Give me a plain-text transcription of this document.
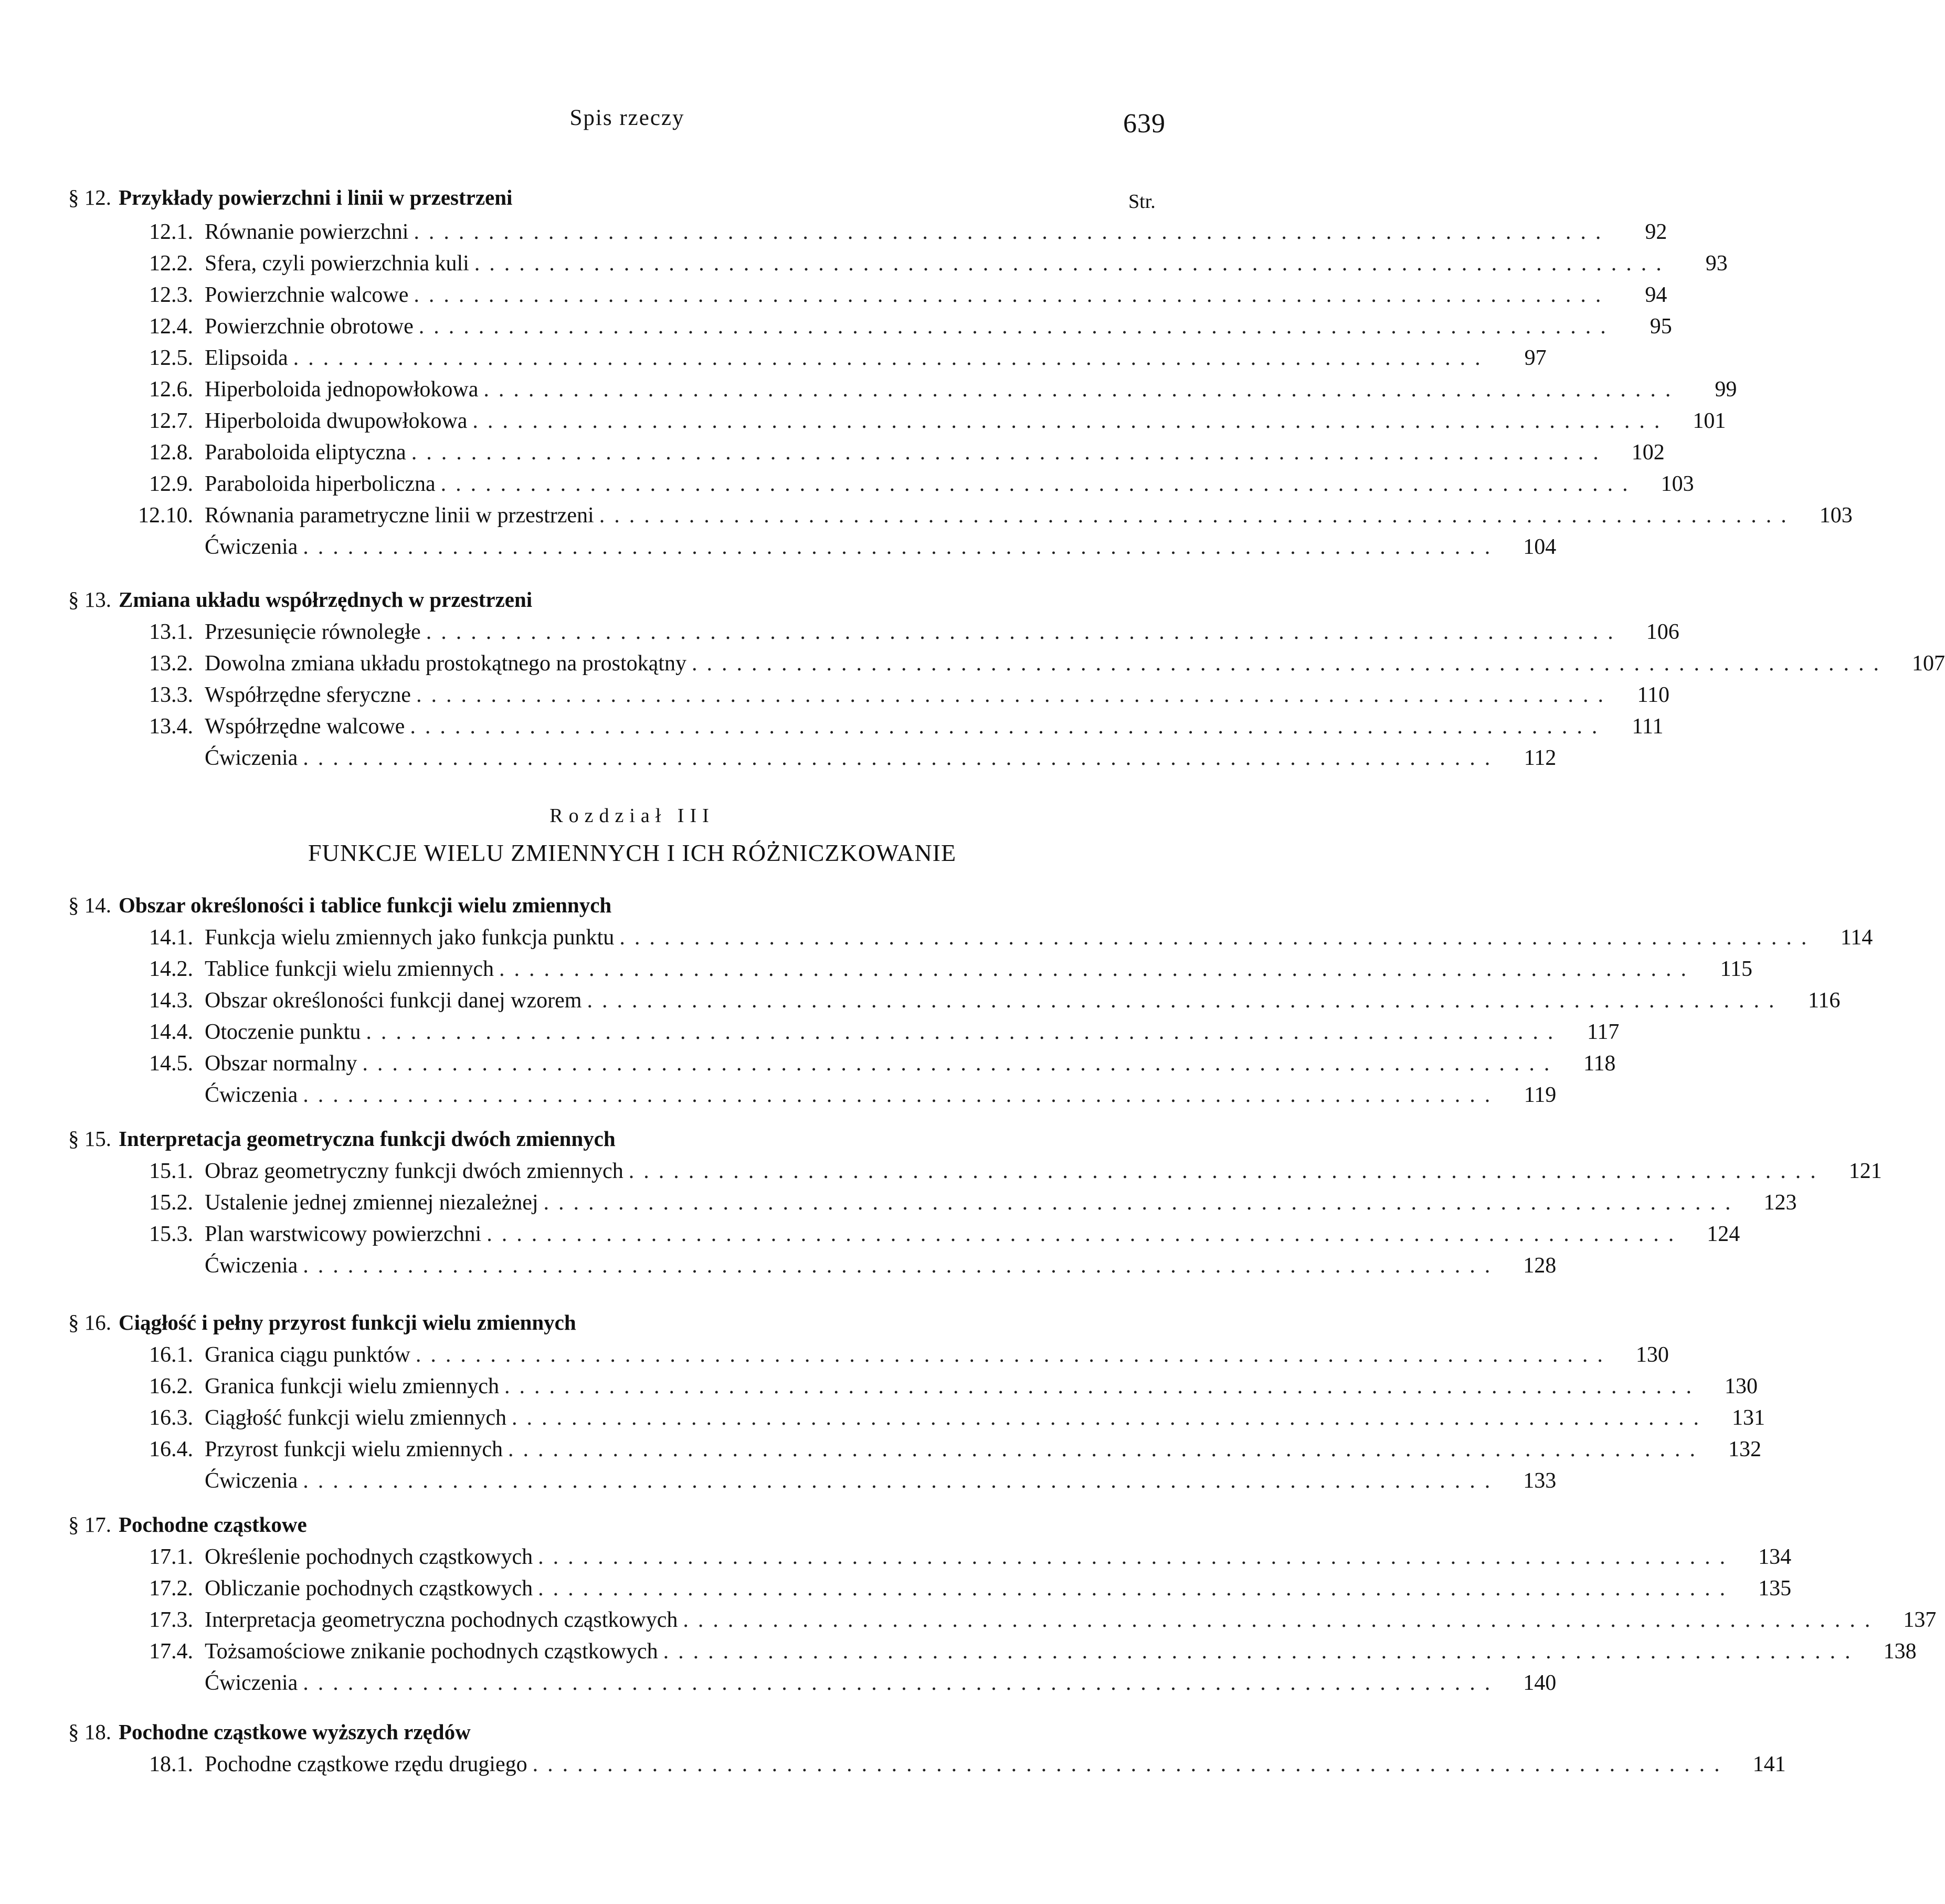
Spis rzeczy	639
Str.
Rozdział III
FUNKCJE WIELU ZMIENNYCH I ICH RÓŻNICZKOWANIE
§ 12. Przykłady powierzchni i linii w przestrzeni
12.1. Równanie powierzchni ................................................................................	92
12.2. Sfera, czyli powierzchnia kuli ................................................................................	93
12.3. Powierzchnie walcowe ................................................................................	94
12.4. Powierzchnie obrotowe ................................................................................	95
12.5. Elipsoida ................................................................................	97
12.6. Hiperboloida jednopowłokowa ................................................................................	99
12.7. Hiperboloida dwupowłokowa ................................................................................	101
12.8. Paraboloida eliptyczna ................................................................................	102
12.9. Paraboloida hiperboliczna ................................................................................	103
12.10. Równania parametryczne linii w przestrzeni ................................................................................	103
Ćwiczenia ................................................................................	104
§ 13. Zmiana układu współrzędnych w przestrzeni
13.1. Przesunięcie równoległe ................................................................................	106
13.2. Dowolna zmiana układu prostokątnego na prostokątny ................................................................................	107
13.3. Współrzędne sferyczne ................................................................................	110
13.4. Współrzędne walcowe ................................................................................	111
Ćwiczenia ................................................................................	112
§ 14. Obszar określoności i tablice funkcji wielu zmiennych
14.1. Funkcja wielu zmiennych jako funkcja punktu ................................................................................	114
14.2. Tablice funkcji wielu zmiennych ................................................................................	115
14.3. Obszar określoności funkcji danej wzorem ................................................................................	116
14.4. Otoczenie punktu ................................................................................	117
14.5. Obszar normalny ................................................................................	118
Ćwiczenia ................................................................................	119
§ 15. Interpretacja geometryczna funkcji dwóch zmiennych
15.1. Obraz geometryczny funkcji dwóch zmiennych ................................................................................	121
15.2. Ustalenie jednej zmiennej niezależnej ................................................................................	123
15.3. Plan warstwicowy powierzchni ................................................................................	124
Ćwiczenia ................................................................................	128
§ 16. Ciągłość i pełny przyrost funkcji wielu zmiennych
16.1. Granica ciągu punktów ................................................................................	130
16.2. Granica funkcji wielu zmiennych ................................................................................	130
16.3. Ciągłość funkcji wielu zmiennych ................................................................................	131
16.4. Przyrost funkcji wielu zmiennych ................................................................................	132
Ćwiczenia ................................................................................	133
§ 17. Pochodne cząstkowe
17.1. Określenie pochodnych cząstkowych ................................................................................	134
17.2. Obliczanie pochodnych cząstkowych ................................................................................	135
17.3. Interpretacja geometryczna pochodnych cząstkowych ................................................................................	137
17.4. Tożsamościowe znikanie pochodnych cząstkowych ................................................................................	138
Ćwiczenia ................................................................................	140
§ 18. Pochodne cząstkowe wyższych rzędów
18.1. Pochodne cząstkowe rzędu drugiego ................................................................................	141
